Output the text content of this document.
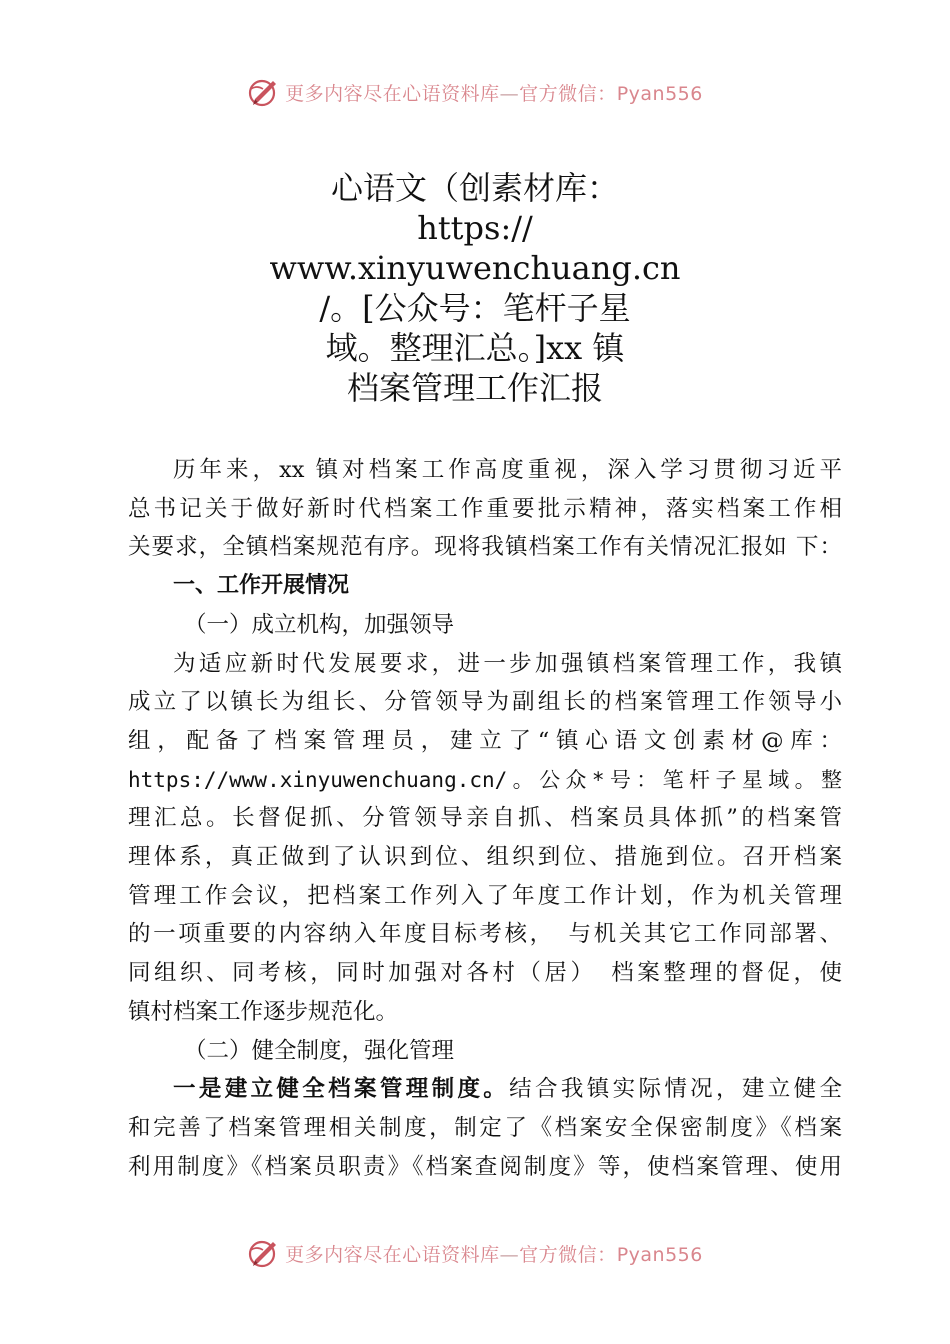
更多内容尽在心语资料库—官方微信：Pyan556
心语文（创素材库：
https://
www.xinyuwenchuang.cn
/。[公众号：笔杆子星
域。整理汇总。]xx 镇
档案管理工作汇报

历年来，xx 镇对档案工作高度重视，深入学习贯彻习近平

总书记关于做好新时代档案工作重要批示精神，落实档案工作相

关要求，全镇档案规范有序。现将我镇档案工作有关情况汇报如 下：

一、工作开展情况

（一）成立机构，加强领导

为适应新时代发展要求，进一步加强镇档案管理工作，我镇

成立了以镇长为组长、分管领导为副组长的档案管理工作领导小

组，配备了档案管理员，建立了“镇心语文创素材@库：

https://www.xinyuwenchuang.cn/。公众*号：笔杆子星域。整

理汇总。长督促抓、分管领导亲自抓、档案员具体抓”的档案管

理体系，真正做到了认识到位、组织到位、措施到位。召开档案

管理工作会议，把档案工作列入了年度工作计划，作为机关管理

的一项重要的内容纳入年度目标考核，　与机关其它工作同部署、

同组织、同考核，同时加强对各村（居）　档案整理的督促，使

镇村档案工作逐步规范化。

（二）健全制度，强化管理

一是建立健全档案管理制度。结合我镇实际情况，建立健全

和完善了档案管理相关制度，制定了《档案安全保密制度》《档案

利用制度》《档案员职责》《档案查阅制度》等，使档案管理、使用

更多内容尽在心语资料库—官方微信：Pyan556
